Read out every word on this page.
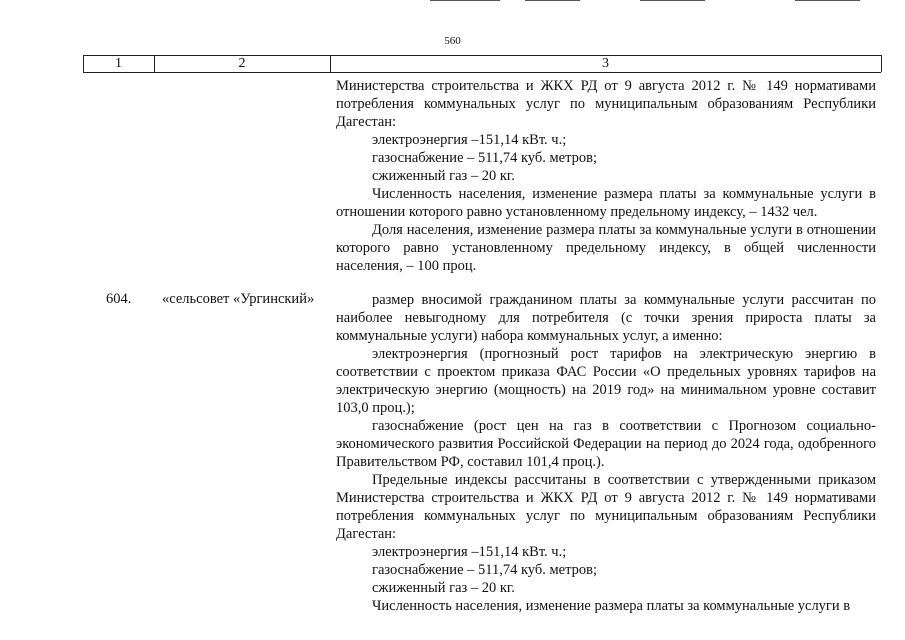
560
1	2	3

Министерства строительства и ЖКХ РД от 9 августа 2012 г. № 149 нормативами потребления коммунальных услуг по муниципальным образованиям Республики Дагестан:

электроэнергия –151,14 кВт. ч.;

газоснабжение – 511,74 куб. метров;

сжиженный газ – 20 кг.

Численность населения, изменение размера платы за коммунальные услуги в отношении которого равно установленному предельному индексу, – 1432 чел.

Доля населения, изменение размера платы за коммунальные услуги в отношении которого равно установленному предельному индексу, в общей численности населения, – 100 проц.

604. «сельсовет «Ургинский»	размер вносимой гражданином платы за коммунальные услуги рассчитан по наиболее невыгодному для потребителя (с точки зрения прироста платы за коммунальные услуги) набора коммунальных услуг, а именно:

электроэнергия (прогнозный рост тарифов на электрическую энергию в соответствии с проектом приказа ФАС России «О предельных уровнях тарифов на электрическую энергию (мощность) на 2019 год» на минимальном уровне составит 103,0 проц.);

газоснабжение (рост цен на газ в соответствии с Прогнозом социально-экономического развития Российской Федерации на период до 2024 года, одобренного Правительством РФ, составил 101,4 проц.).

Предельные индексы рассчитаны в соответствии с утвержденными приказом Министерства строительства и ЖКХ РД от 9 августа 2012 г. № 149 нормативами потребления коммунальных услуг по муниципальным образованиям Республики Дагестан:

электроэнергия –151,14 кВт. ч.;

газоснабжение – 511,74 куб. метров;

сжиженный газ – 20 кг.

Численность населения, изменение размера платы за коммунальные услуги в
